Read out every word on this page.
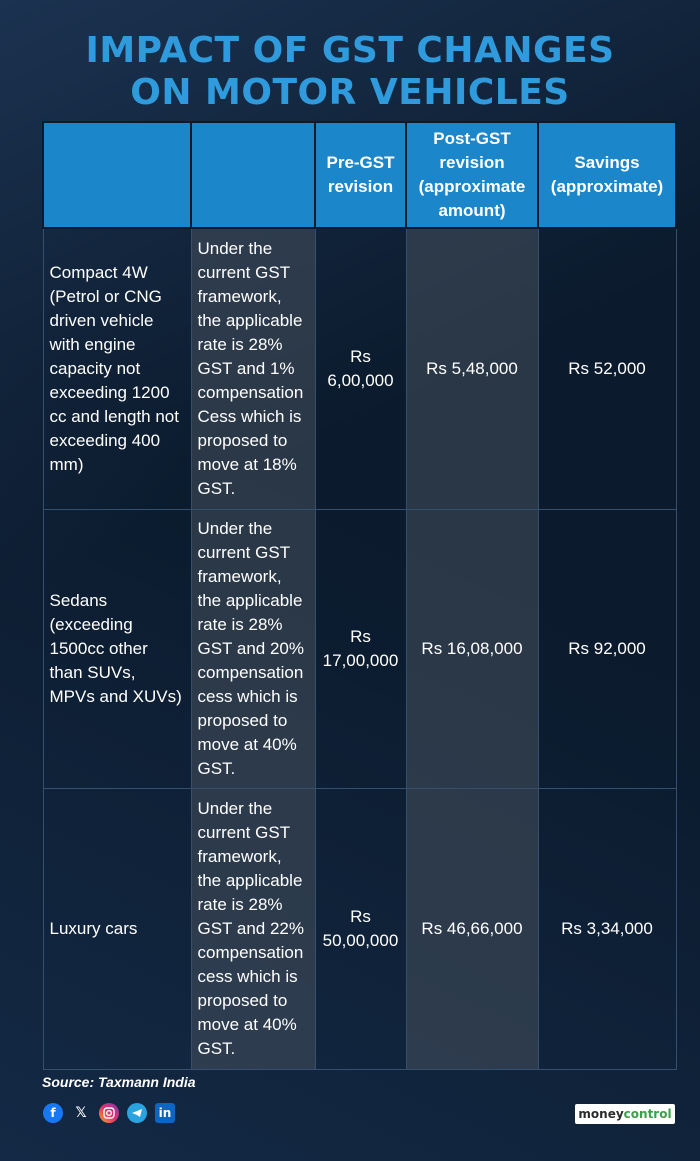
IMPACT OF GST CHANGES
ON MOTOR VEHICLES
		Pre-GST revision	Post-GST revision (approximate amount)	Savings (approximate)
Compact 4W (Petrol or CNG driven vehicle with engine capacity not exceeding 1200 cc and length not exceeding 400 mm)	Under the current GST framework, the applicable rate is 28% GST and 1% compensation Cess which is proposed to move at 18% GST.	Rs 6,00,000	Rs 5,48,000	Rs 52,000
Sedans (exceeding 1500cc other than SUVs, MPVs and XUVs)	Under the current GST framework, the applicable rate is 28% GST and 20% compensation cess which is proposed to move at 40% GST.	Rs 17,00,000	Rs 16,08,000	Rs 92,000
Luxury cars	Under the current GST framework, the applicable rate is 28% GST and 22% compensation cess which is proposed to move at 40% GST.	Rs 50,00,000	Rs 46,66,000	Rs 3,34,000
Source: Taxmann India
f	𝕏	in	money control
